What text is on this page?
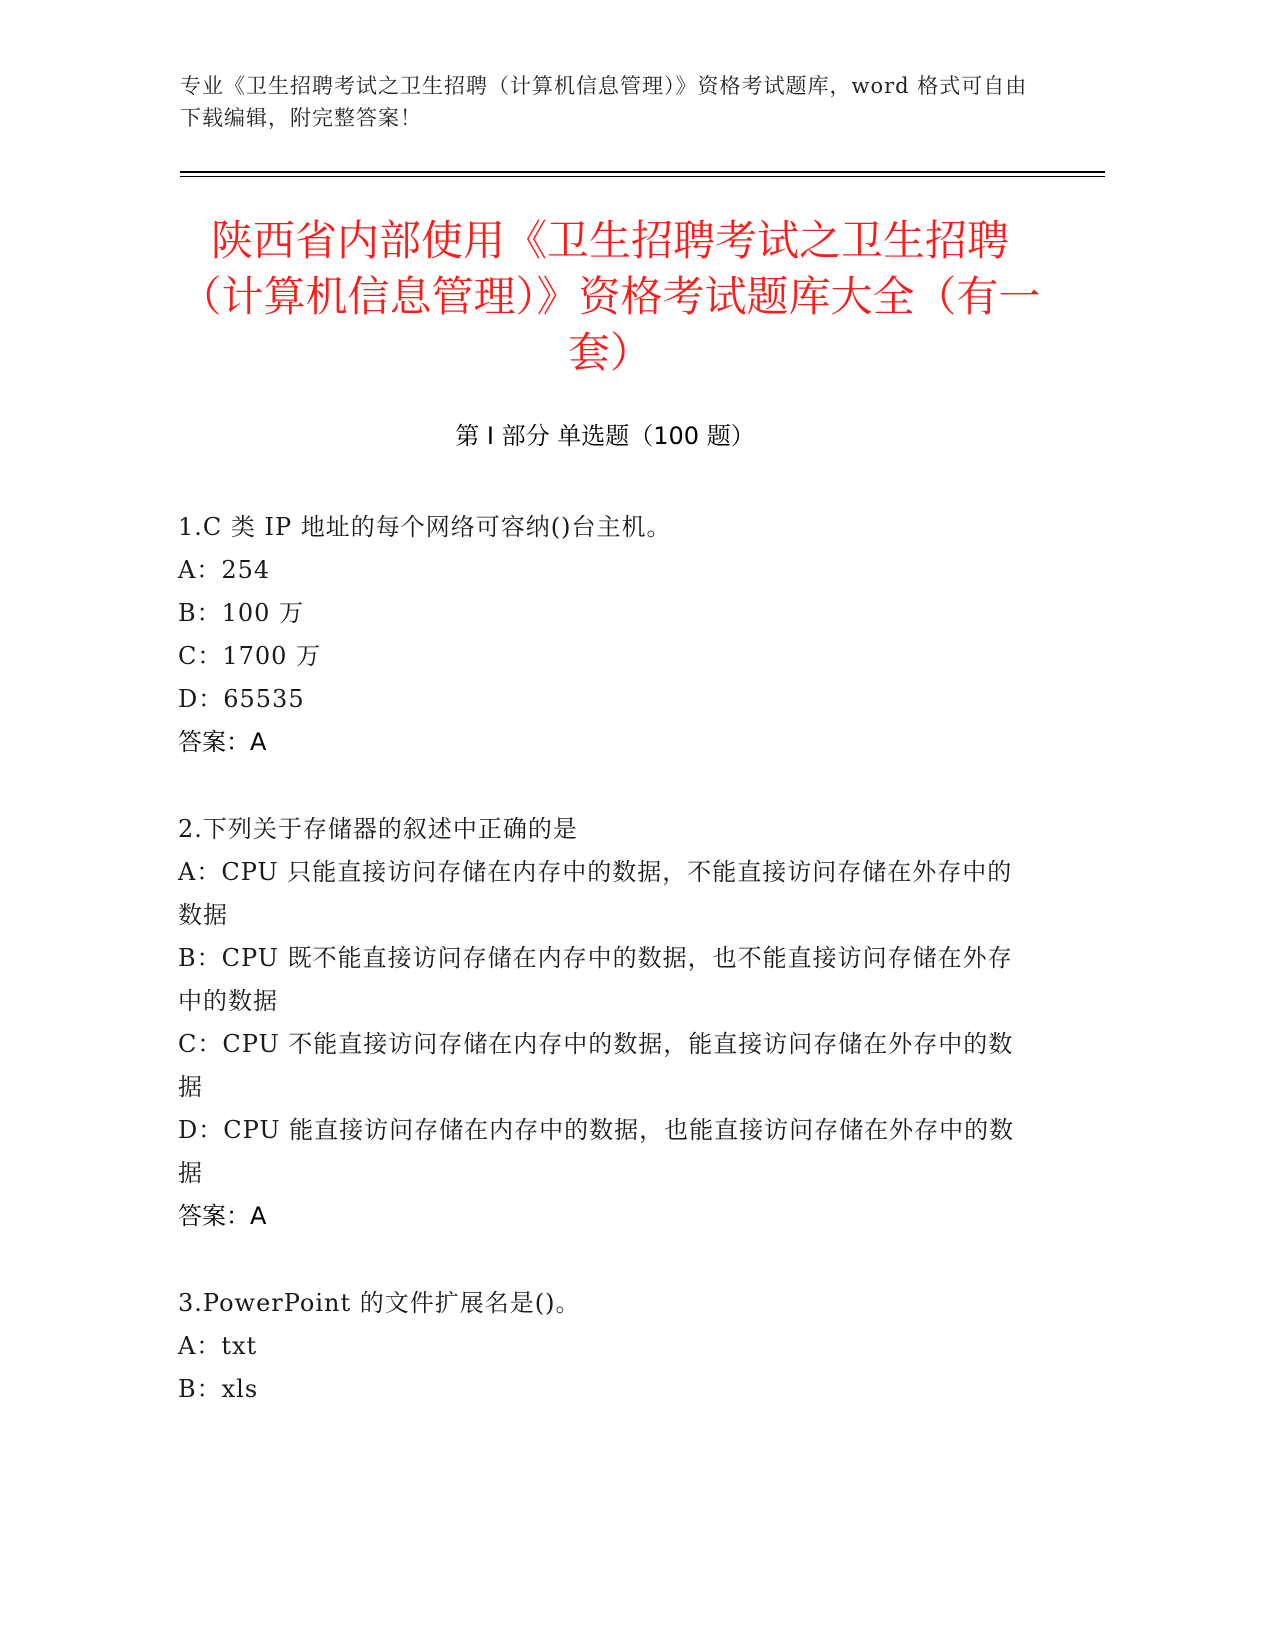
专业《卫生招聘考试之卫生招聘（计算机信息管理）》资格考试题库，word 格式可自由下载编辑，附完整答案！
陕西省内部使用《卫生招聘考试之卫生招聘（计算机信息管理）》资格考试题库大全（有一套）
第 I 部分 单选题（100 题）

1.C 类 IP 地址的每个网络可容纳()台主机。

A：254

B：100 万

C：1700 万

D：65535

答案：A

2.下列关于存储器的叙述中正确的是

A：CPU 只能直接访问存储在内存中的数据，不能直接访问存储在外存中的数据

B：CPU 既不能直接访问存储在内存中的数据，也不能直接访问存储在外存中的数据

C：CPU 不能直接访问存储在内存中的数据，能直接访问存储在外存中的数据

D：CPU 能直接访问存储在内存中的数据，也能直接访问存储在外存中的数据

答案：A

3.PowerPoint 的文件扩展名是()。

A：txt

B：xls
